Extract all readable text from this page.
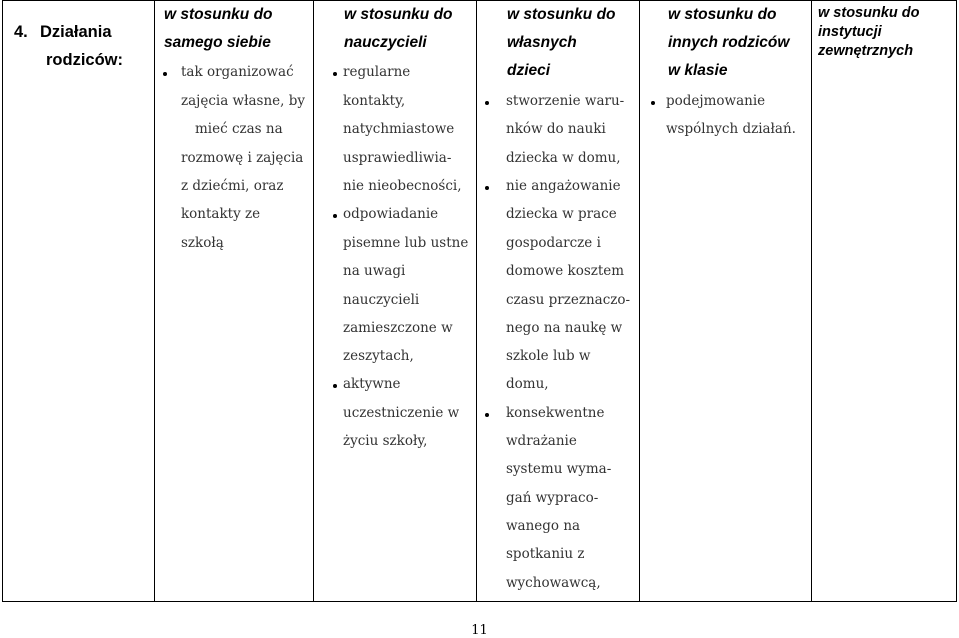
4. Działania
rodziców:
w stosunku do
samego siebie
tak organizować
zajęcia własne, by
mieć czas na
rozmowę i zajęcia
z dziećmi, oraz
kontakty ze
szkołą
w stosunku do
nauczycieli
regularne
kontakty,
natychmiastowe
usprawiedliwia-
nie nieobecności,
odpowiadanie
pisemne lub ustne
na uwagi
nauczycieli
zamieszczone w
zeszytach,
aktywne
uczestniczenie w
życiu szkoły,
w stosunku do
własnych
dzieci
stworzenie waru-
nków do nauki
dziecka w domu,
nie angażowanie
dziecka w prace
gospodarcze i
domowe kosztem
czasu przeznaczo-
nego na naukę w
szkole lub w
domu,
konsekwentne
wdrażanie
systemu wyma-
gań wypraco-
wanego na
spotkaniu z
wychowawcą,
w stosunku do
innych rodziców
w klasie
podejmowanie
wspólnych działań.
w stosunku do
instytucji
zewnętrznych
11
